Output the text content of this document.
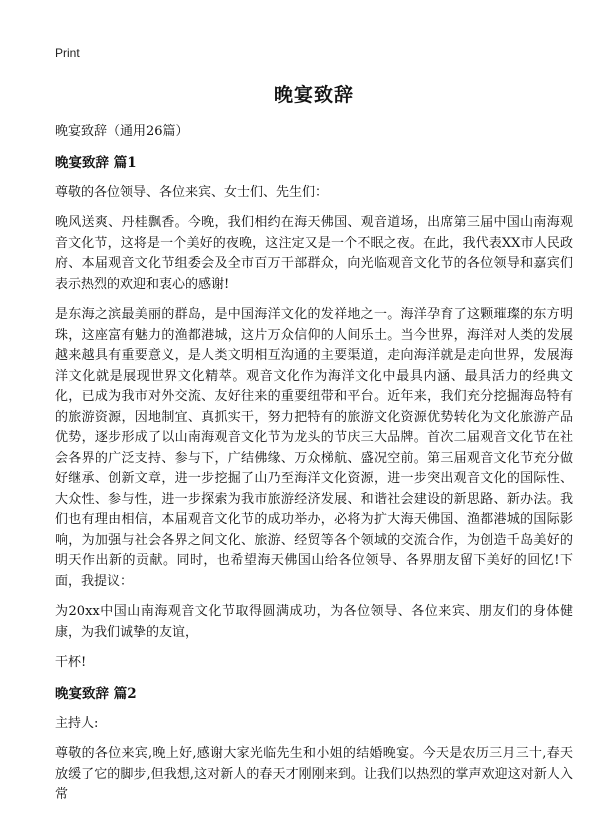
Print
晚宴致辞

晚宴致辞（通用26篇）

晚宴致辞 篇1

尊敬的各位领导、各位来宾、女士们、先生们：

晚风送爽、丹桂飘香。今晚，我们相约在海天佛国、观音道场，出席第三届中国山南海观音文化节，这将是一个美好的夜晚，这注定又是一个不眠之夜。在此，我代表XX市人民政府、本届观音文化节组委会及全市百万干部群众，向光临观音文化节的各位领导和嘉宾们表示热烈的欢迎和衷心的感谢!

是东海之滨最美丽的群岛，是中国海洋文化的发祥地之一。海洋孕育了这颗璀璨的东方明珠，这座富有魅力的渔都港城，这片万众信仰的人间乐土。当今世界，海洋对人类的发展越来越具有重要意义，是人类文明相互沟通的主要渠道，走向海洋就是走向世界，发展海洋文化就是展现世界文化精萃。观音文化作为海洋文化中最具内涵、最具活力的经典文化，已成为我市对外交流、友好往来的重要纽带和平台。近年来，我们充分挖掘海岛特有的旅游资源，因地制宜、真抓实干，努力把特有的旅游文化资源优势转化为文化旅游产品优势，逐步形成了以山南海观音文化节为龙头的节庆三大品牌。首次二届观音文化节在社会各界的广泛支持、参与下，广结佛缘、万众梯航、盛况空前。第三届观音文化节充分做好继承、创新文章，进一步挖掘了山乃至海洋文化资源，进一步突出观音文化的国际性、大众性、参与性，进一步探索为我市旅游经济发展、和谐社会建设的新思路、新办法。我们也有理由相信，本届观音文化节的成功举办，必将为扩大海天佛国、渔都港城的国际影响，为加强与社会各界之间文化、旅游、经贸等各个领域的交流合作，为创造千岛美好的明天作出新的贡献。同时，也希望海天佛国山给各位领导、各界朋友留下美好的回忆!下面，我提议：

为20xx中国山南海观音文化节取得圆满成功，为各位领导、各位来宾、朋友们的身体健康，为我们诚挚的友谊，

干杯!

晚宴致辞 篇2

主持人:

尊敬的各位来宾,晚上好,感谢大家光临先生和小姐的结婚晚宴。今天是农历三月三十,春天放缓了它的脚步,但我想,这对新人的春天才刚刚来到。让我们以热烈的掌声欢迎这对新人入常
